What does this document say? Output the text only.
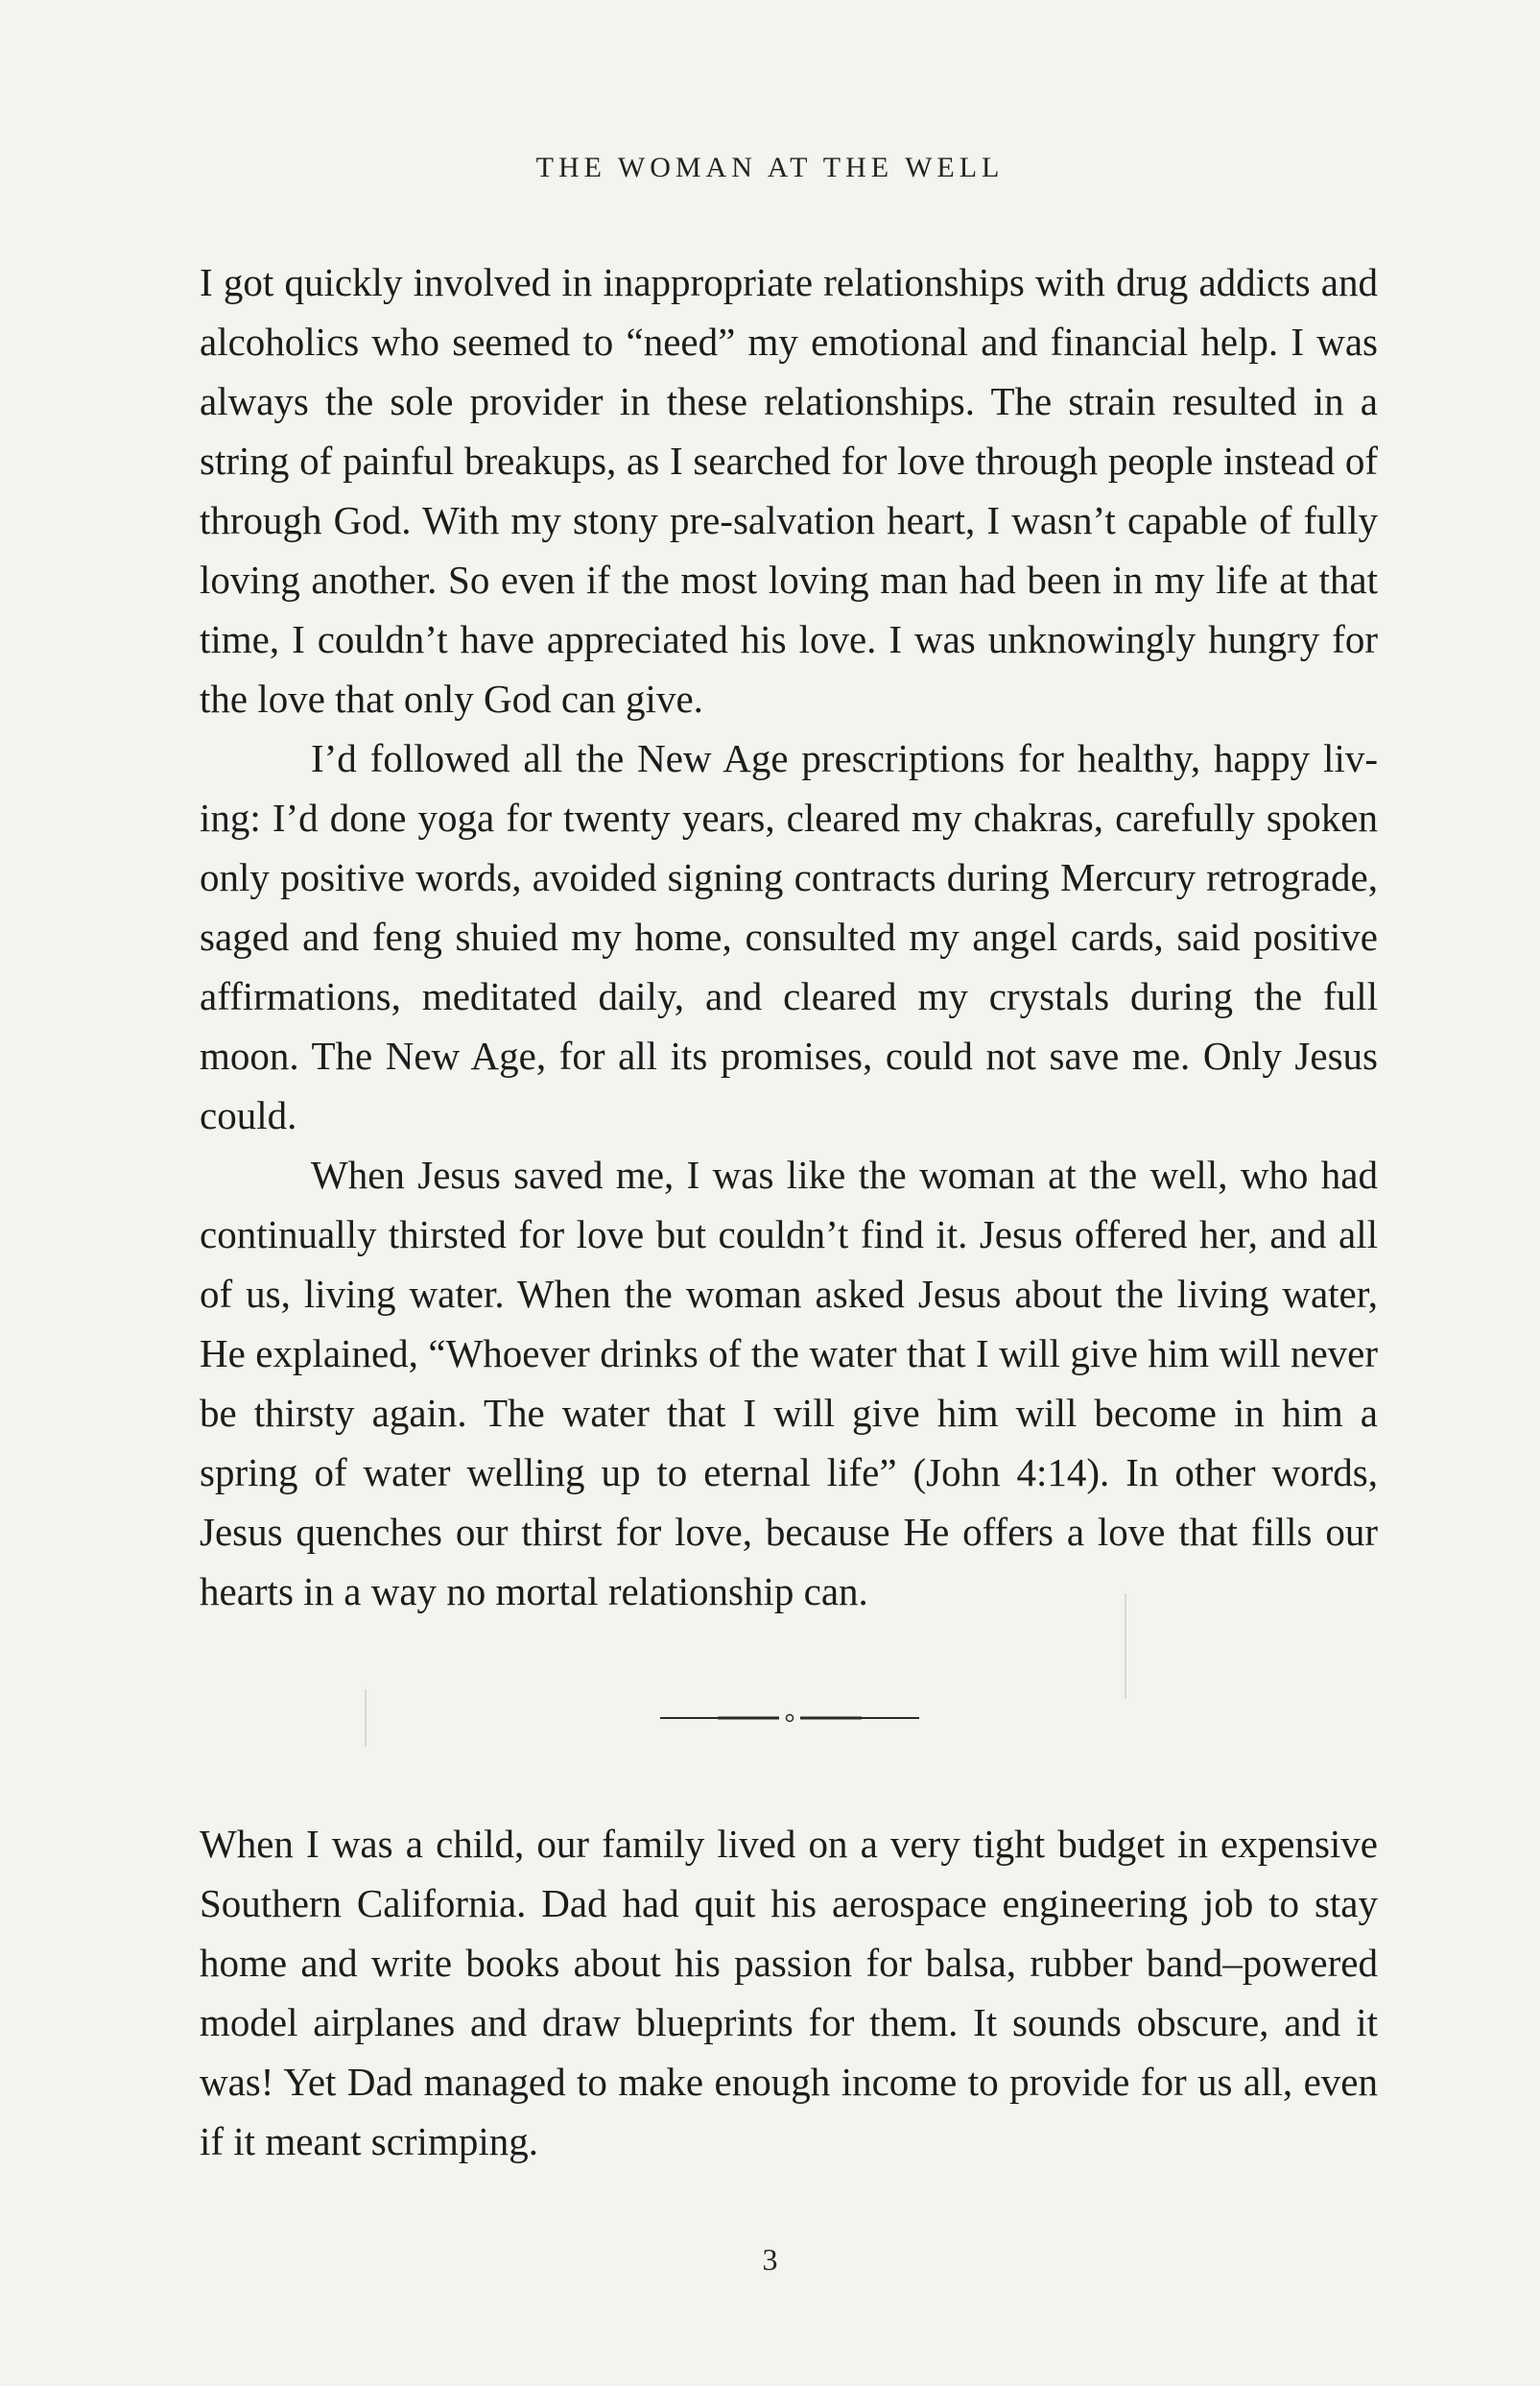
THE WOMAN AT THE WELL

I got quickly involved in inappropriate relationships with drug addicts and alcoholics who seemed to “need” my emotional and financial help. I was always the sole provider in these relationships. The strain resulted in a string of painful breakups, as I searched for love through people instead of through God. With my stony pre-salvation heart, I wasn’t capable of fully loving another. So even if the most loving man had been in my life at that time, I couldn’t have appreciated his love. I was unknowingly hungry for the love that only God can give.

I’d followed all the New Age prescriptions for healthy, happy living: I’d done yoga for twenty years, cleared my chakras, carefully spoken only positive words, avoided signing contracts during Mercury retrograde, saged and feng shuied my home, consulted my angel cards, said positive affirmations, meditated daily, and cleared my crystals during the full moon. The New Age, for all its promises, could not save me. Only Jesus could.

When Jesus saved me, I was like the woman at the well, who had continually thirsted for love but couldn’t find it. Jesus offered her, and all of us, living water. When the woman asked Jesus about the living water, He explained, “Whoever drinks of the water that I will give him will never be thirsty again. The water that I will give him will become in him a spring of water welling up to eternal life” (John 4:14). In other words, Jesus quenches our thirst for love, because He offers a love that fills our hearts in a way no mortal relationship can.

When I was a child, our family lived on a very tight budget in expensive Southern California. Dad had quit his aerospace engineering job to stay home and write books about his passion for balsa, rubber band–powered model airplanes and draw blueprints for them. It sounds obscure, and it was! Yet Dad managed to make enough income to provide for us all, even if it meant scrimping.

3
